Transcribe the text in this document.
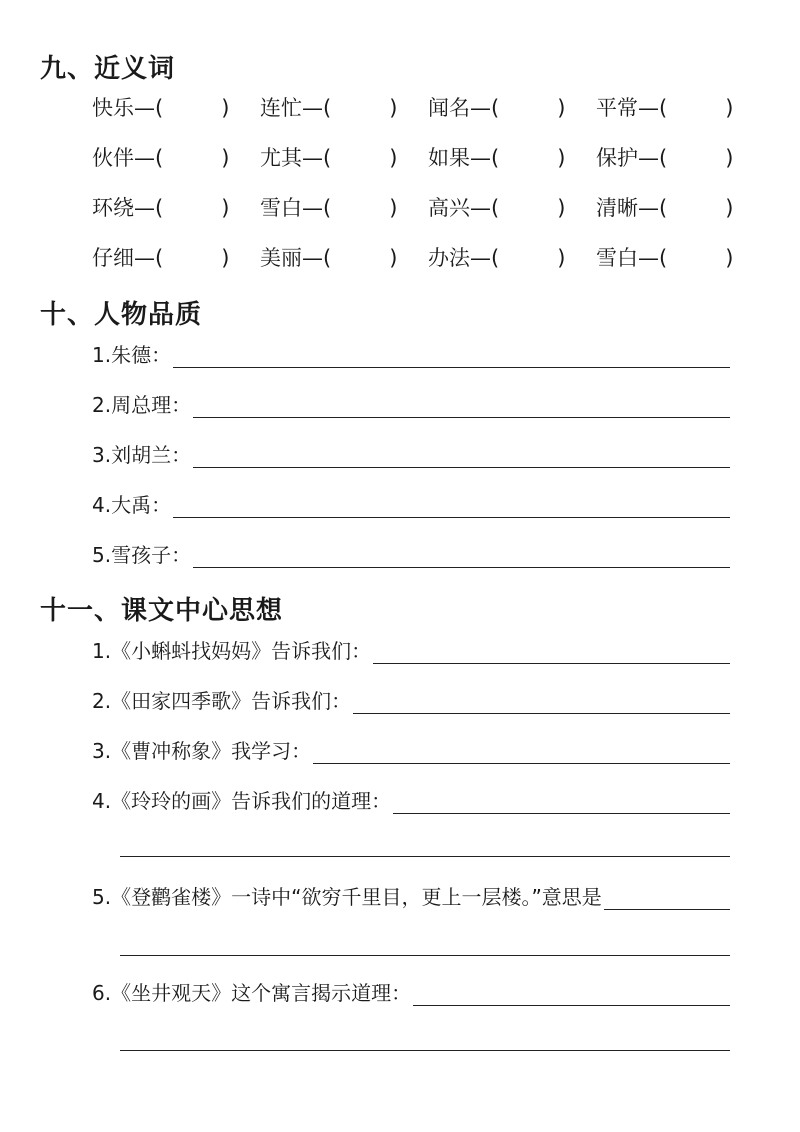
九、近义词
快乐—(	) 连忙—(	) 闻名—(	) 平常—(	)
伙伴—(	) 尤其—(	) 如果—(	) 保护—(	)
环绕—(	) 雪白—(	) 高兴—(	) 清晰—(	)
仔细—(	) 美丽—(	) 办法—(	) 雪白—(	)
十、人物品质
1.朱德：
2.周总理：
3.刘胡兰：
4.大禹：
5.雪孩子：
十一、课文中心思想
1.《小蝌蚪找妈妈》告诉我们：
2.《田家四季歌》告诉我们：
3.《曹冲称象》我学习：
4.《玲玲的画》告诉我们的道理：
5.《登鹳雀楼》一诗中“欲穷千里目，更上一层楼。”意思是
6.《坐井观天》这个寓言揭示道理：
